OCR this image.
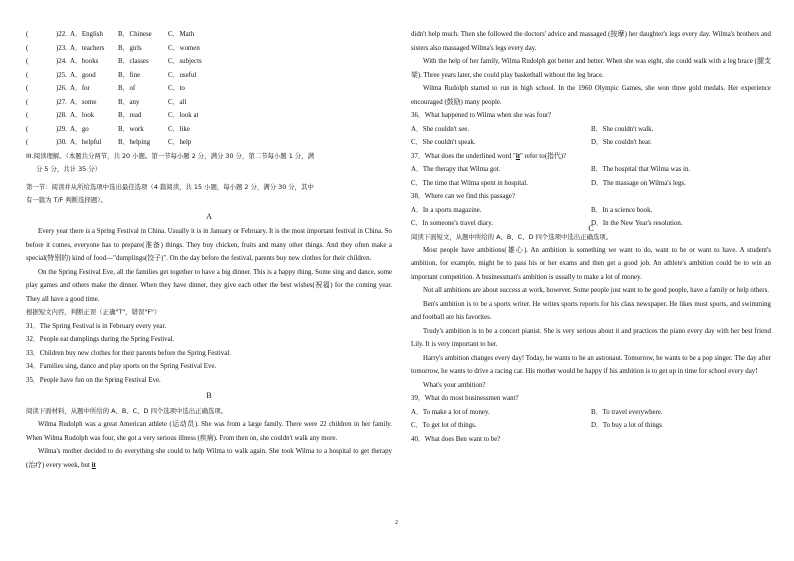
(	)22. A．English	B．Chinese	C．Math
(	)23. A．teachers	B．girls	C．women
(	)24. A．books	B．classes	C．subjects
(	)25. A．good	B．fine	C．useful
(	)26. A．for	B．of	C．to
(	)27. A．some	B．any	C．all
(	)28. A．look	B．read	C．look at
(	)29. A．go	B．work	C．like
(	)30. A．helpful	B．helping	C．help
III.阅读理解。（本题共分两节，共 20 小题。第一节每小题 2 分，满分 30 分，第二节每小题 1 分，满
分 5 分，共计 35 分）
第一节：阅读并从所给选项中选出最佳选项（4 篇阅读，共 15 小题，每小题 2 分，满分 30 分，其中
有一篇为 T/F 判断选择题）。
A
Every year there is a Spring Festival in China. Usually it is in January or February. It is the most important festival in China. So before it comes, everyone has to prepare(准备) things. They buy chicken, fruits and many other things. And they often make a special(特别的) kind of food—"dumplings(饺子)". On the day before the festival, parents buy new clothes for their children.
On the Spring Festival Eve, all the families get together to have a big dinner. This is a happy thing. Some sing and dance, some play games and others make the dinner. When they have dinner, they give each other the best wishes(祝福) for the coming year. They all have a good time.
根据短文内容，判断正误（正确"T"，错误"F"）
31．The Spring Festival is in February every year.
32．People eat dumplings during the Spring Festival.
33．Children buy new clothes for their parents before the Spring Festival.
34．Families sing, dance and play sports on the Spring Festival Eve.
35．People have fun on the Spring Festival Eve.
B
阅读下面材料，从题中所给的 A、B、C、D 四个选项中选出正确选项。
Wilma Rudolph was a great American athlete (运动员). She was from a large family. There were 22 children in her family. When Wilma Rudolph was four, she got a very serious illness (疾病). From then on, she couldn't walk any more.
Wilma's mother decided to do everything she could to help Wilma to walk again. She took Wilma to a hospital to get therapy (治疗) every week, but it
didn't help much. Then she followed the doctors' advice and massaged (按摩) her daughter's legs every day. Wilma's brothers and sisters also massaged Wilma's legs every day.
With the help of her family, Wilma Rudolph got better and better. When she was eight, she could walk with a leg brace (腿支架). Three years later, she could play basketball without the leg brace.
Wilma Rudolph started to run in high school. In the 1960 Olympic Games, she won three gold medals. Her experience encouraged (鼓励) many people.
36．What happened to Wilma when she was four?
A．She couldn't see.	B．She couldn't walk.
C．She couldn't speak.	D．She couldn't hear.
37．What does the underlined word "it" refer to(指代)?
A．The therapy that Wilma got.	B．The hospital that Wilma was in.
C．The time that Wilma spent in hospital.	D．The massage on Wilma's legs.
38．Where can we find this passage?
A．In a sports magazine.	B．In a science book.
C．In someone's travel diary.	D．In the New Year's resolution.
阅读下面短文，从题中所给的 A、B、C、D 四个选项中选出正确选项。
C
Most people have ambitions(雄心). An ambition is something we want to do, want to be or want to have. A student's ambition, for example, might be to pass his or her exams and then get a good job. An athlete's ambition could be to win an important competition. A businessman's ambition is usually to make a lot of money.
Not all ambitions are about success at work, however. Some people just want to be good people, have a family or help others.
Ben's ambition is to be a sports writer. He writes sports reports for his class newspaper. He likes most sports, and swimming and football are his favorites.
Trudy's ambition is to be a concert pianist. She is very serious about it and practices the piano every day with her best friend Lily. It is very important to her.
Harry's ambition changes every day! Today, he wants to be an astronaut. Tomorrow, he wants to be a pop singer. The day after tomorrow, he wants to drive a racing car. His mother would be happy if his ambition is to get up in time for school every day!
What's your ambition?
39．What do most businessmen want?
A．To make a lot of money.	B．To travel everywhere.
C．To get lot of things.	D．To buy a lot of things
40．What does Ben want to be?
2
